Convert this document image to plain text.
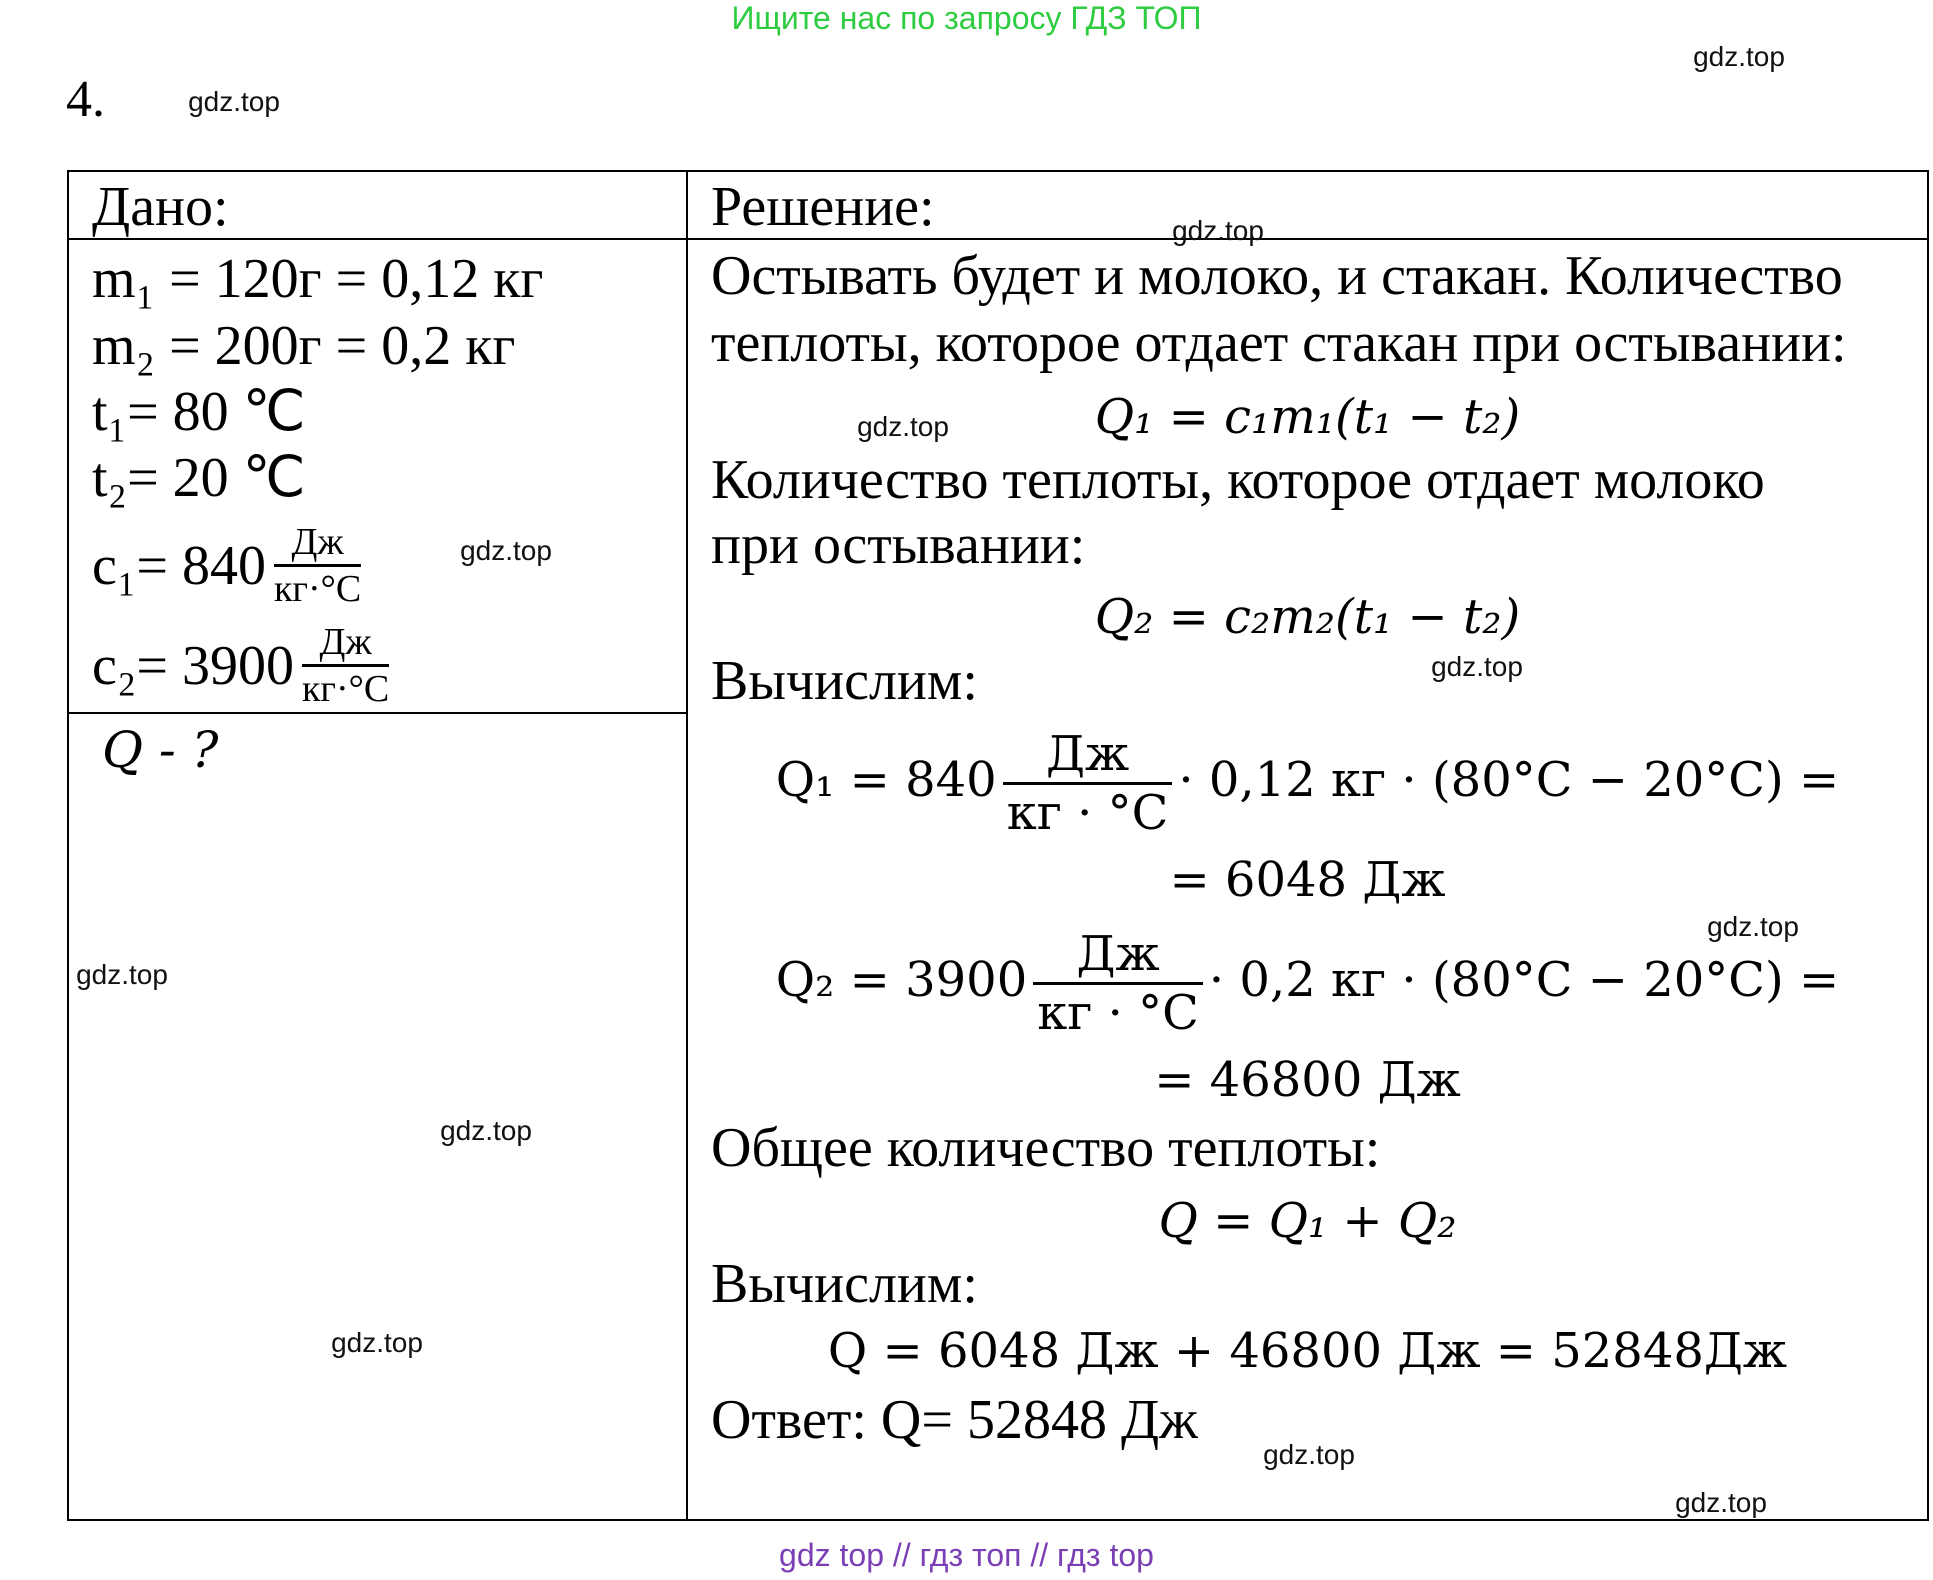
Ищите нас по запросу ГДЗ ТОП
4.
Дано:
m₁ = 120г = 0,12 кг
m₂ = 200г = 0,2 кг
t₁= 80 ℃
t₂= 20 ℃
c₁= 840 Дж
кг·°С
c₂= 3900 Дж
кг·°С
Q - ?
Решение:
Остывать будет и молоко, и стакан. Количество
теплоты, которое отдает стакан при остывании:
Q₁ = c₁m₁(t₁ − t₂)
Количество теплоты, которое отдает молоко
при остывании:
Q₂ = c₂m₂(t₁ − t₂)
Вычислим:
$Q_1 = 840 \frac{Дж}{кг \cdot ^\circ C} \cdot 0,12$ кг · (80°C − 20°C) =
= 6048 Дж
$Q_2 = 3900 \frac{Дж}{кг \cdot ^\circ C} \cdot 0,2$ кг · (80°C − 20°C) =
= 46800 Дж
Общее количество теплоты:
Q = Q₁ + Q₂
Вычислим:
Q = 6048 Дж + 46800 Дж = 52848Дж
Ответ: Q= 52848 Дж
gdz.top
gdz.top
gdz.top
gdz.top
gdz.top
gdz.top
gdz.top
gdz.top
gdz.top
gdz.top
gdz.top
gdz.top
gdz top // гдз топ // гдз top
